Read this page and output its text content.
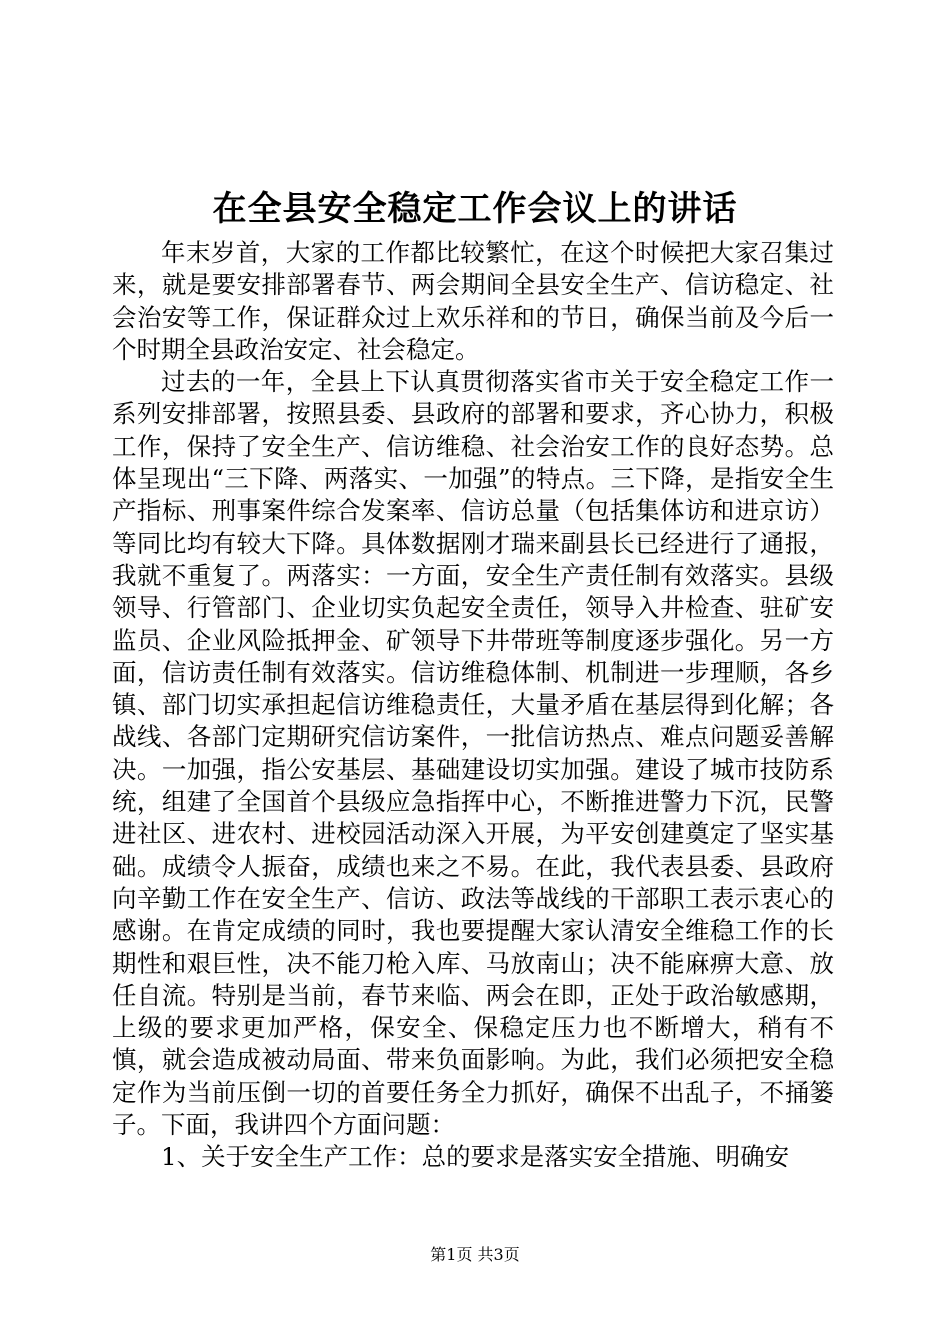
在全县安全稳定工作会议上的讲话

年末岁首，大家的工作都比较繁忙，在这个时候把大家召集过来，就是要安排部署春节、两会期间全县安全生产、信访稳定、社会治安等工作，保证群众过上欢乐祥和的节日，确保当前及今后一个时期全县政治安定、社会稳定。

过去的一年，全县上下认真贯彻落实省市关于安全稳定工作一系列安排部署，按照县委、县政府的部署和要求，齐心协力，积极工作，保持了安全生产、信访维稳、社会治安工作的良好态势。总体呈现出“三下降、两落实、一加强”的特点。三下降，是指安全生产指标、刑事案件综合发案率、信访总量（包括集体访和进京访）等同比均有较大下降。具体数据刚才瑞来副县长已经进行了通报，我就不重复了。两落实：一方面，安全生产责任制有效落实。县级领导、行管部门、企业切实负起安全责任，领导入井检查、驻矿安监员、企业风险抵押金、矿领导下井带班等制度逐步强化。另一方面，信访责任制有效落实。信访维稳体制、机制进一步理顺，各乡镇、部门切实承担起信访维稳责任，大量矛盾在基层得到化解；各战线、各部门定期研究信访案件，一批信访热点、难点问题妥善解决。一加强，指公安基层、基础建设切实加强。建设了城市技防系统，组建了全国首个县级应急指挥中心，不断推进警力下沉，民警进社区、进农村、进校园活动深入开展，为平安创建奠定了坚实基础。成绩令人振奋，成绩也来之不易。在此，我代表县委、县政府向辛勤工作在安全生产、信访、政法等战线的干部职工表示衷心的感谢。在肯定成绩的同时，我也要提醒大家认清安全维稳工作的长期性和艰巨性，决不能刀枪入库、马放南山；决不能麻痹大意、放任自流。特别是当前，春节来临、两会在即，正处于政治敏感期，上级的要求更加严格，保安全、保稳定压力也不断增大，稍有不慎，就会造成被动局面、带来负面影响。为此，我们必须把安全稳定作为当前压倒一切的首要任务全力抓好，确保不出乱子，不捅篓子。下面，我讲四个方面问题：

1、关于安全生产工作：总的要求是落实安全措施、明确安

第1页 共3页
